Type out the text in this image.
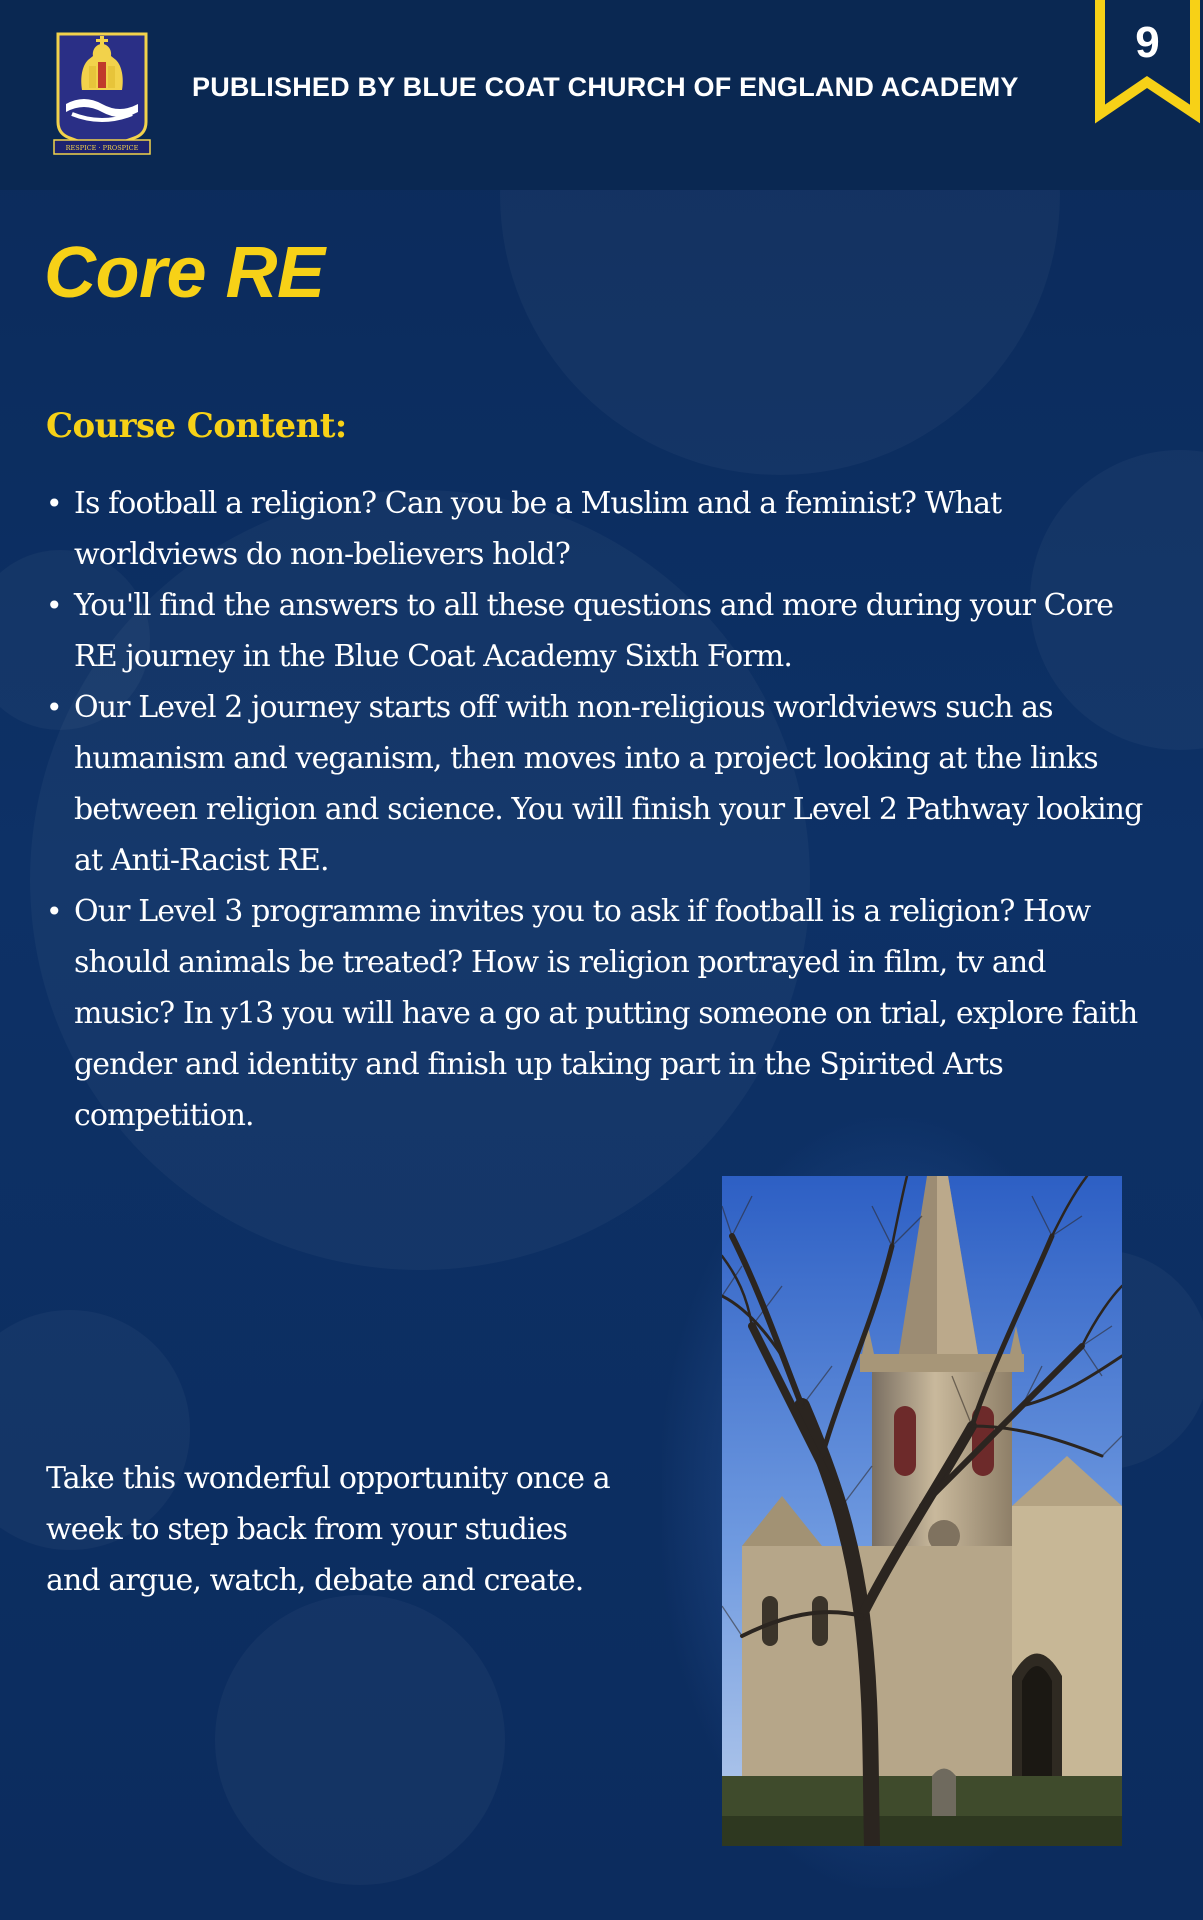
RESPICE · PROSPICE
PUBLISHED BY BLUE COAT CHURCH OF ENGLAND ACADEMY
9
Core RE
Course Content:
• Is football a religion? Can you be a Muslim and a feminist? What worldviews do non-believers hold?
• You'll find the answers to all these questions and more during your Core RE journey in the Blue Coat Academy Sixth Form.
• Our Level 2 journey starts off with non-religious worldviews such as humanism and veganism, then moves into a project looking at the links between religion and science. You will finish your Level 2 Pathway looking at Anti-Racist RE.
• Our Level 3 programme invites you to ask if football is a religion? How should animals be treated? How is religion portrayed in film, tv and music? In y13 you will have a go at putting someone on trial, explore faith gender and identity and finish up taking part in the Spirited Arts competition.

Take this wonderful opportunity once a week to step back from your studies and argue, watch, debate and create.
